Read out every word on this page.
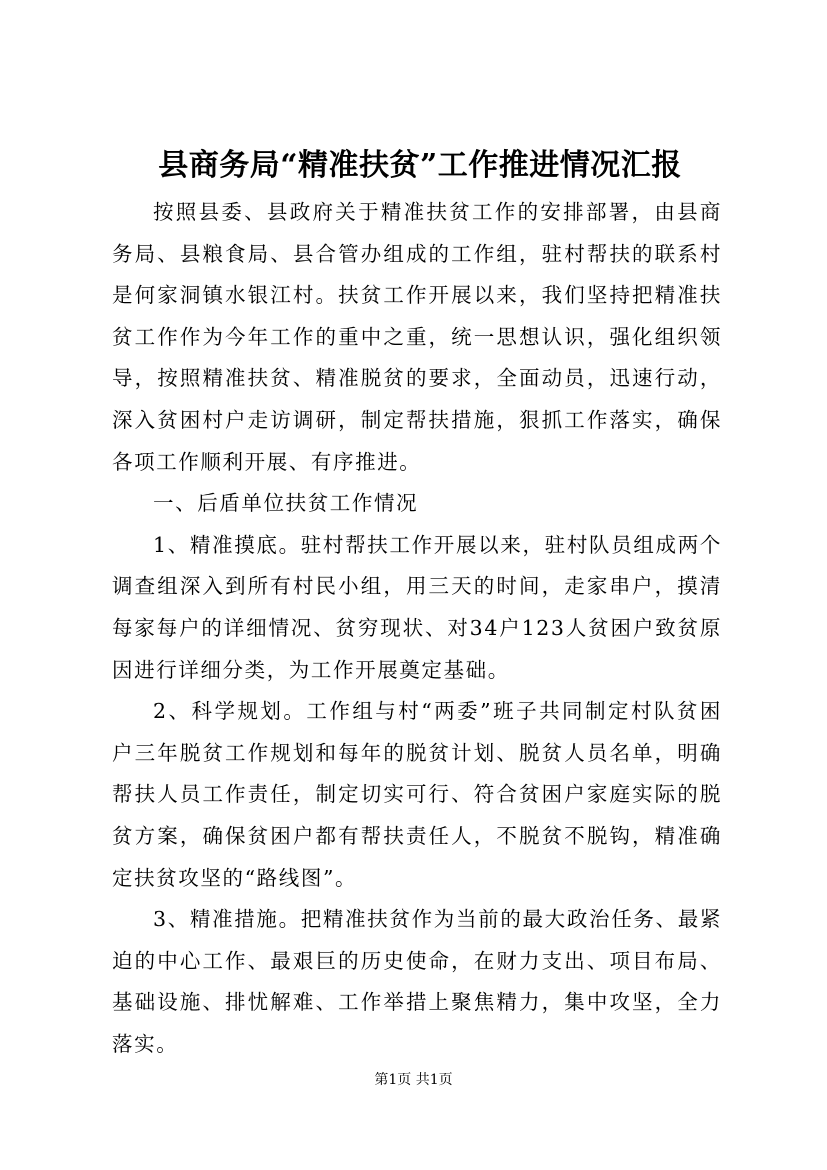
县商务局“精准扶贫”工作推进情况汇报

按照县委、县政府关于精准扶贫工作的安排部署，由县商务局、县粮食局、县合管办组成的工作组，驻村帮扶的联系村是何家洞镇水银江村。扶贫工作开展以来，我们坚持把精准扶贫工作作为今年工作的重中之重，统一思想认识，强化组织领导，按照精准扶贫、精准脱贫的要求，全面动员，迅速行动，深入贫困村户走访调研，制定帮扶措施，狠抓工作落实，确保各项工作顺利开展、有序推进。

一、后盾单位扶贫工作情况

1、精准摸底。驻村帮扶工作开展以来，驻村队员组成两个调查组深入到所有村民小组，用三天的时间，走家串户，摸清每家每户的详细情况、贫穷现状、对34户123人贫困户致贫原因进行详细分类，为工作开展奠定基础。

2、科学规划。工作组与村“两委”班子共同制定村队贫困户三年脱贫工作规划和每年的脱贫计划、脱贫人员名单，明确帮扶人员工作责任，制定切实可行、符合贫困户家庭实际的脱贫方案，确保贫困户都有帮扶责任人，不脱贫不脱钩，精准确定扶贫攻坚的“路线图”。

3、精准措施。把精准扶贫作为当前的最大政治任务、最紧迫的中心工作、最艰巨的历史使命，在财力支出、项目布局、基础设施、排忧解难、工作举措上聚焦精力，集中攻坚，全力落实。

第1页 共1页
